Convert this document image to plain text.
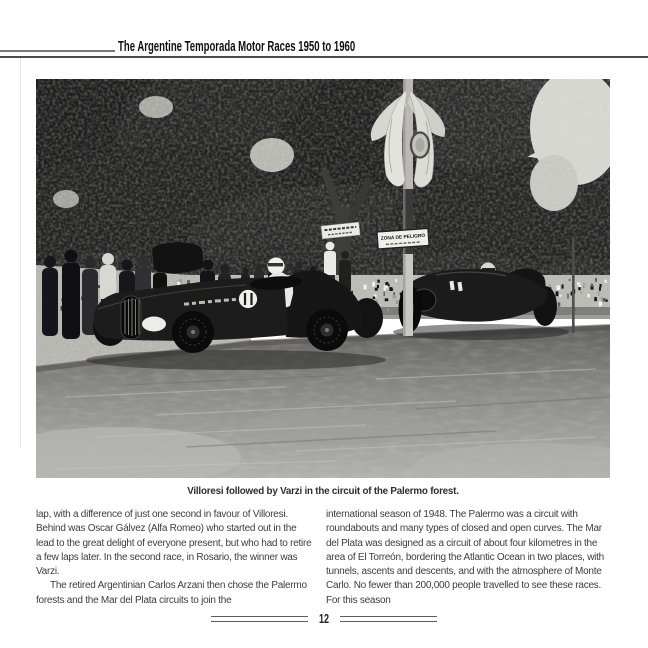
The Argentine Temporada Motor Races 1950 to 1960
ZONA DE PELIGRO
Villoresi followed by Varzi in the circuit of the Palermo forest.

lap, with a difference of just one second in favour of Villoresi. Behind was Oscar Gálvez (Alfa Romeo) who started out in the lead to the great delight of everyone present, but who had to retire a few laps later. In the second race, in Rosario, the winner was Varzi.

The retired Argentinian Carlos Arzani then chose the Palermo forests and the Mar del Plata circuits to join the

international season of 1948. The Palermo was a circuit with roundabouts and many types of closed and open curves. The Mar del Plata was designed as a circuit of about four kilometres in the area of El Torreón, bordering the Atlantic Ocean in two places, with tunnels, ascents and descents, and with the atmosphere of Monte Carlo. No fewer than 200,000 people travelled to see these races. For this season

12
